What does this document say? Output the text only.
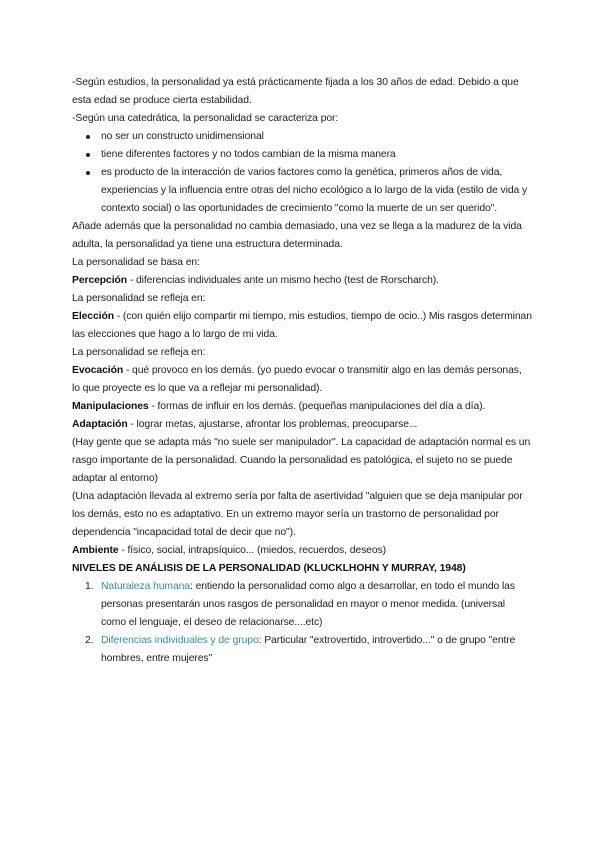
-Según estudios, la personalidad ya está prácticamente fijada a los 30 años de edad. Debido a que esta edad se produce cierta estabilidad.

-Según una catedrática, la personalidad se caracteriza por:

no ser un constructo unidimensional
tiene diferentes factores y no todos cambian de la misma manera
es producto de la interacción de varios factores como la genética, primeros años de vida, experiencias y la influencia entre otras del nicho ecológico a lo largo de la vida (estilo de vida y contexto social) o las oportunidades de crecimiento "como la muerte de un ser querido".

Añade además que la personalidad no cambia demasiado, una vez se llega a la madurez de la vida adulta, la personalidad ya tiene una estructura determinada.

La personalidad se basa en:

Percepción - diferencias individuales ante un mismo hecho (test de Rorscharch).

La personalidad se refleja en:

Elección - (con quién elijo compartir mi tiempo, mis estudios, tiempo de ocio..) Mis rasgos determinan las elecciones que hago a lo largo de mi vida.

La personalidad se refleja en:

Evocación - qué provoco en los demás. (yo puedo evocar o transmitir algo en las demás personas, lo que proyecte es lo que va a reflejar mi personalidad).

Manipulaciones - formas de influir en los demás. (pequeñas manipulaciones del día a día).

Adaptación - lograr metas, ajustarse, afrontar los problemas, preocuparse...

(Hay gente que se adapta más "no suele ser manipulador". La capacidad de adaptación normal es un rasgo importante de la personalidad. Cuando la personalidad es patológica, el sujeto no se puede adaptar al entorno)

(Una adaptación llevada al extremo sería por falta de asertividad "alguien que se deja manipular por los demás, esto no es adaptativo. En un extremo mayor sería un trastorno de personalidad por dependencia "incapacidad total de decir que no").

Ambiente - físico, social, intrapsíquico... (miedos, recuerdos, deseos)

NIVELES DE ANÁLISIS DE LA PERSONALIDAD (KLUCKLHOHN Y MURRAY, 1948)

1. Naturaleza humana: entiendo la personalidad como algo a desarrollar, en todo el mundo las personas presentarán unos rasgos de personalidad en mayor o menor medida. (universal como el lenguaje, el deseo de relacionarse....etc)
2. Diferencias individuales y de grupo: Particular "extrovertido, introvertido..." o de grupo "entre hombres, entre mujeres"
